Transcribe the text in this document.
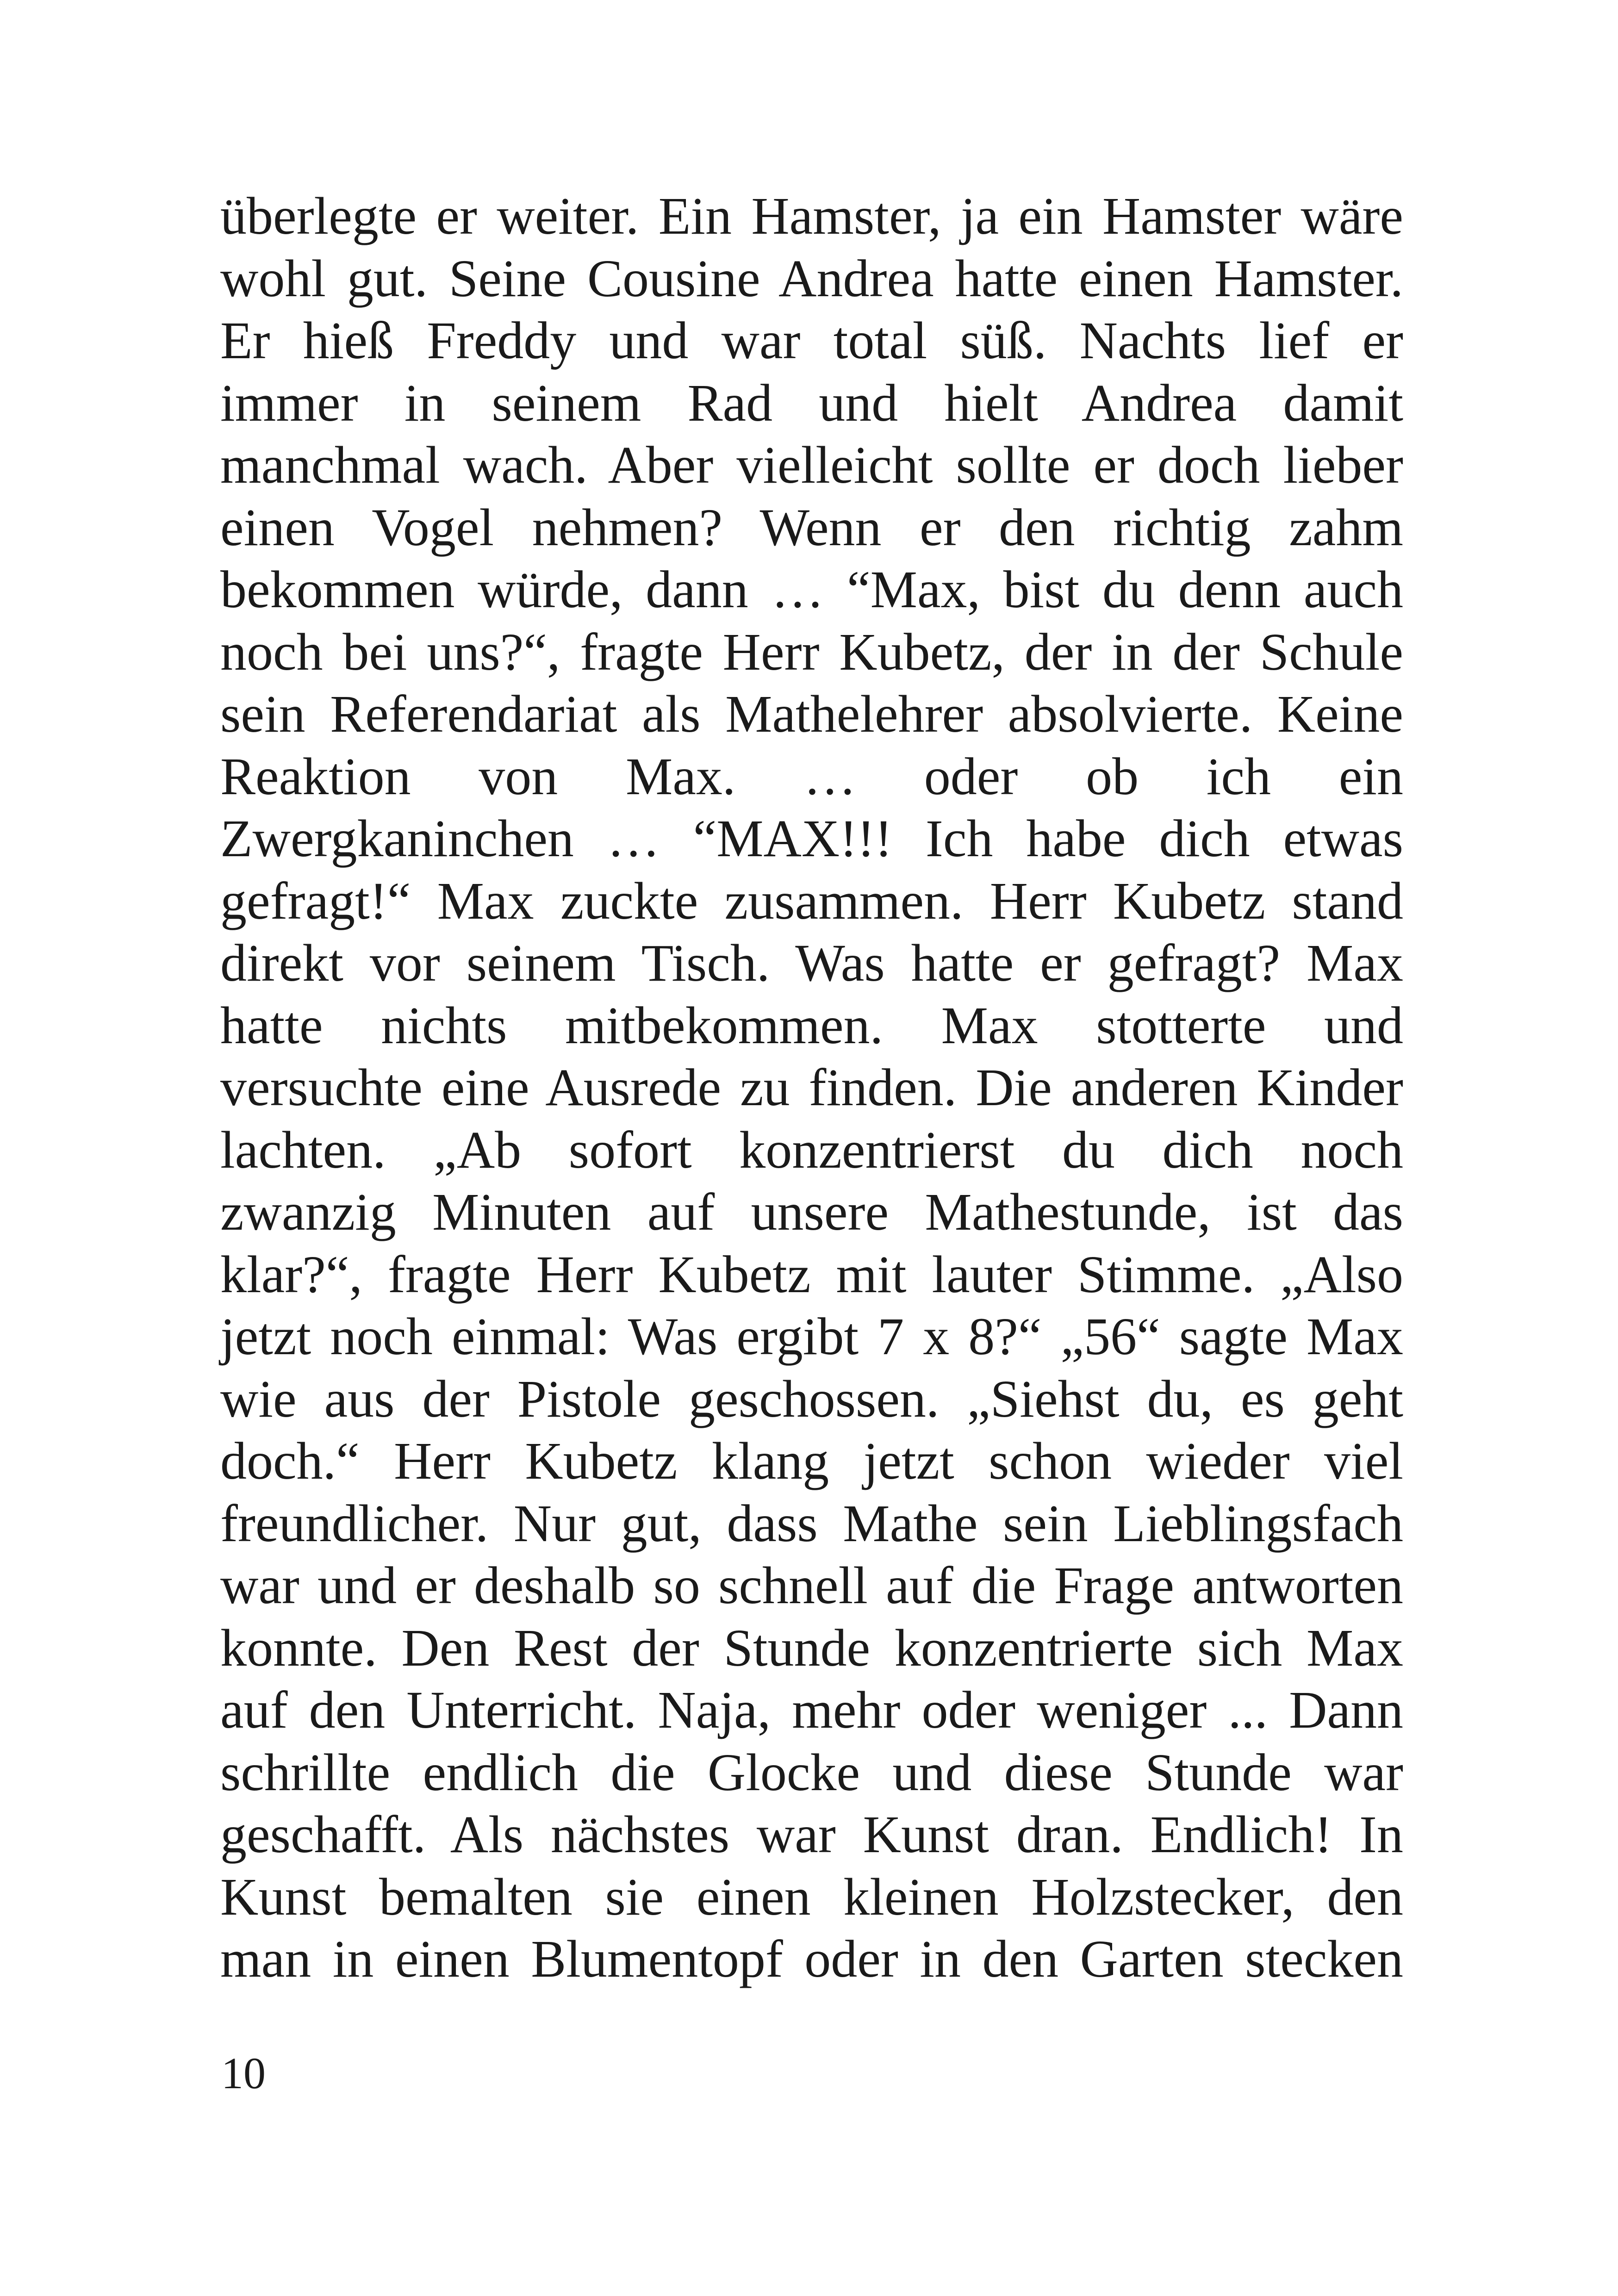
überlegte er weiter. Ein Hamster, ja ein Hamster wäre
wohl gut. Seine Cousine Andrea hatte einen Hamster.
Er hieß Freddy und war total süß. Nachts lief er
immer in seinem Rad und hielt Andrea damit
manchmal wach. Aber vielleicht sollte er doch lieber
einen Vogel nehmen? Wenn er den richtig zahm
bekommen würde, dann … “Max, bist du denn auch
noch bei uns?“, fragte Herr Kubetz, der in der Schule
sein Referendariat als Mathelehrer absolvierte. Keine
Reaktion von Max. … oder ob ich ein
Zwergkaninchen … “MAX!!! Ich habe dich etwas
gefragt!“ Max zuckte zusammen. Herr Kubetz stand
direkt vor seinem Tisch. Was hatte er gefragt? Max
hatte nichts mitbekommen. Max stotterte und
versuchte eine Ausrede zu finden. Die anderen Kinder
lachten. „Ab sofort konzentrierst du dich noch
zwanzig Minuten auf unsere Mathestunde, ist das
klar?“, fragte Herr Kubetz mit lauter Stimme. „Also
jetzt noch einmal: Was ergibt 7 x 8?“ „56“ sagte Max
wie aus der Pistole geschossen. „Siehst du, es geht
doch.“ Herr Kubetz klang jetzt schon wieder viel
freundlicher. Nur gut, dass Mathe sein Lieblingsfach
war und er deshalb so schnell auf die Frage antworten
konnte. Den Rest der Stunde konzentrierte sich Max
auf den Unterricht. Naja, mehr oder weniger ... Dann
schrillte endlich die Glocke und diese Stunde war
geschafft. Als nächstes war Kunst dran. Endlich! In
Kunst bemalten sie einen kleinen Holzstecker, den
man in einen Blumentopf oder in den Garten stecken
10
